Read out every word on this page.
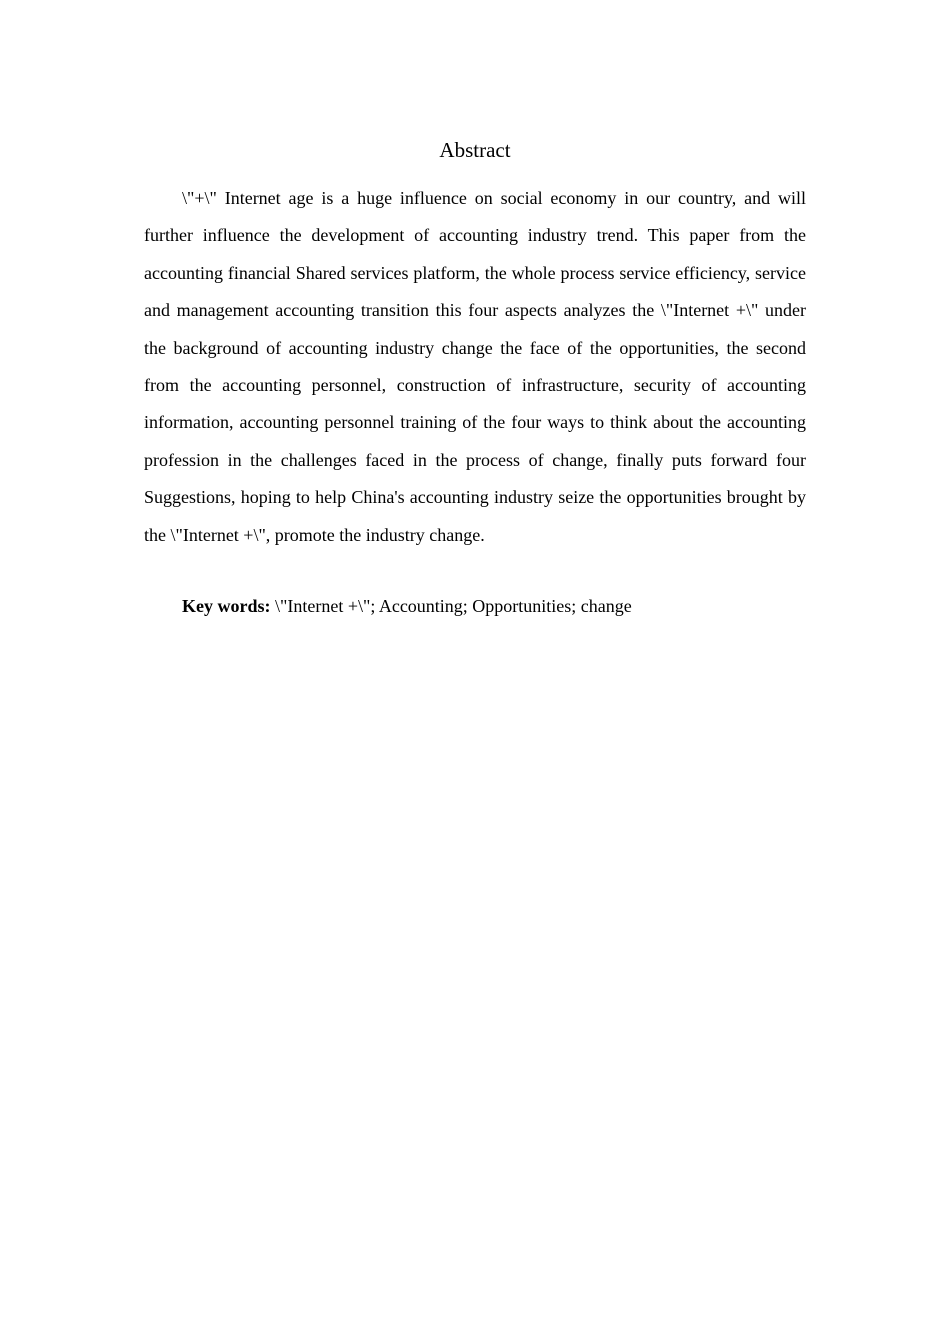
Abstract

\"+\" Internet age is a huge influence on social economy in our country, and will further influence the development of accounting industry trend. This paper from the accounting financial Shared services platform, the whole process service efficiency, service and management accounting transition this four aspects analyzes the \"Internet +\" under the background of accounting industry change the face of the opportunities, the second from the accounting personnel, construction of infrastructure, security of accounting information, accounting personnel training of the four ways to think about the accounting profession in the challenges faced in the process of change, finally puts forward four Suggestions, hoping to help China's accounting industry seize the opportunities brought by the \"Internet +\", promote the industry change.

Key words: \"Internet +\"; Accounting; Opportunities; change
